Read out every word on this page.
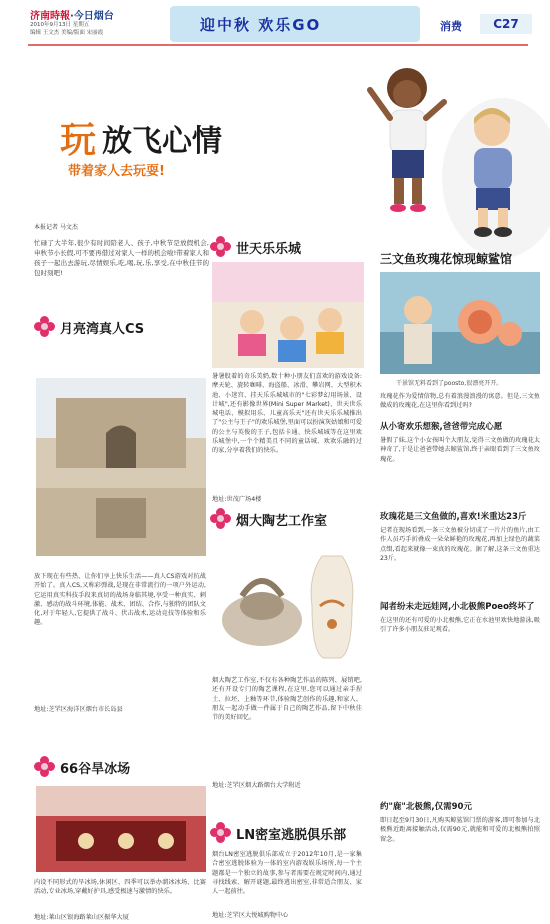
济南時報·今日烟台
2010年9月13日 星期五
编辑 王文杰 美编/版面 宋丽霞	迎中秋 欢乐GO	消费	C27
玩 放飞心情
带着家人去玩耍!
本报记者 马文杰
忙碌了大半年,很少有时间陪老人、孩子,中秋节是放假机会,申秋节小长假,可不要再借过对家人一样的机会啦!带着家人和孩子一起出去游玩,尽情娱乐,吃,喝,玩,乐,享受,在中秋佳节的包时刻吧!
月亮湾真人CS
放下现在有些热、让你们享上快乐生活——真人CS游戏对抗战开始了。真人CS,又称彩弹战,是现在非常流行的一项户外运动,它运用真实科技手段来真切的战场身临其境,享受一种真实、刺激、感动的战斗环境,体能、战术、团结、合作,与独特的团队文化,对于年轻人,它提供了战斗、伏击战术,运动竞技等体验和乐趣。
地址:芝罘区海洋区烟台市长岛县
66谷旱冰场
内设不同形式的旱冰场,休闲区、四季可以举办溜冰冰场、比赛活动,专业冰场,穿戴好护具,感受极速与激情的快乐。
地址:莱山区银海路莱山区振华大厦
世天乐乐城
暑暑股着的奇乐美奶,数十种小朋友们喜欢的游戏设备:摩天轮、旋转咖啡、海盗船、冰滑、攀岩网、大型积木池、小迷宫、挂天乐乐城城市的"七彩梦幻用场景、设计城",还有影像世界(Mini Super Market)、世天世乐城电话、模拟用乐、儿童高乐天"还有世天乐乐城推出了"公主与王子"的欢乐城堡,里面可以扮演灰姑娘和可爱的公主与英俊的王子,包括卡通、快乐城城等在这里欢乐城堡中,一个个精美且不同的童话城、欢欢乐融的过的家,分享着我们的快乐。
地址:世茂广场4楼
烟大陶艺工作室
烟大陶艺工作室,不仅有各种陶艺作品的陈列、展销吧,还有开设专门的陶艺课程,在这里,您可以通过亲手捏土、拉坯、上釉等环节,体验陶艺创作的乐趣,和家人、朋友一起动手做一件属于自己的陶艺作品,留下中秋佳节的美好回忆。
地址:芝罘区烟大路烟台大学附近
LN密室逃脱俱乐部
烟台LN密室逃脱俱乐部成立于2012年10月,是一家集合密室逃脱体验为一体的室内游戏娱乐场所,每一个主题都是一个独立的故事,参与者需要在规定时间内,通过寻找线索、解开谜题,最终逃出密室,非常适合朋友、家人一起前往。
地址:芝罘区大悦城购物中心
三文鱼玫瑰花惊现鲸鲨馆
干景馆无料看到了poosto,很漂亮开开。
玫瑰花作为爱情信物,总有着浪漫浪漫的寓意。但是,三文鱼做成的玫瑰花,在这里你看到过吗?
从小寄欢乐想猴,爸爸带完成心愿
暑假了妹,这个小女孩叫个大朋友,觉得三文鱼做的玫瑰花太神奇了,于是让爸爸带她去鲸鲨馆,终于亲眼看到了三文鱼玫瑰花。
玫瑰花是三文鱼做的,喜欢!米重达23斤
记者在现场看到,一条三文鱼被分切成了一片片的鱼片,由工作人员巧手折叠成一朵朵鲜艳的玫瑰花,再加上绿色的蔬菜点缀,看起来就像一束真的玫瑰花。据了解,这条三文鱼重达23斤。
闻者纷未走远娃网,小北极熊Poeo终坏了
在这里的还有可爱的小北极熊,它正在水池里欢快地游泳,吸引了许多小朋友驻足观看。
约"鹿"北极熊,仅需90元
即日起至9月30日,凡购买鲸鲨馆门票的游客,即可参加与北极熊近距离接触活动,仅需90元,就能和可爱的北极熊拍照留念。
